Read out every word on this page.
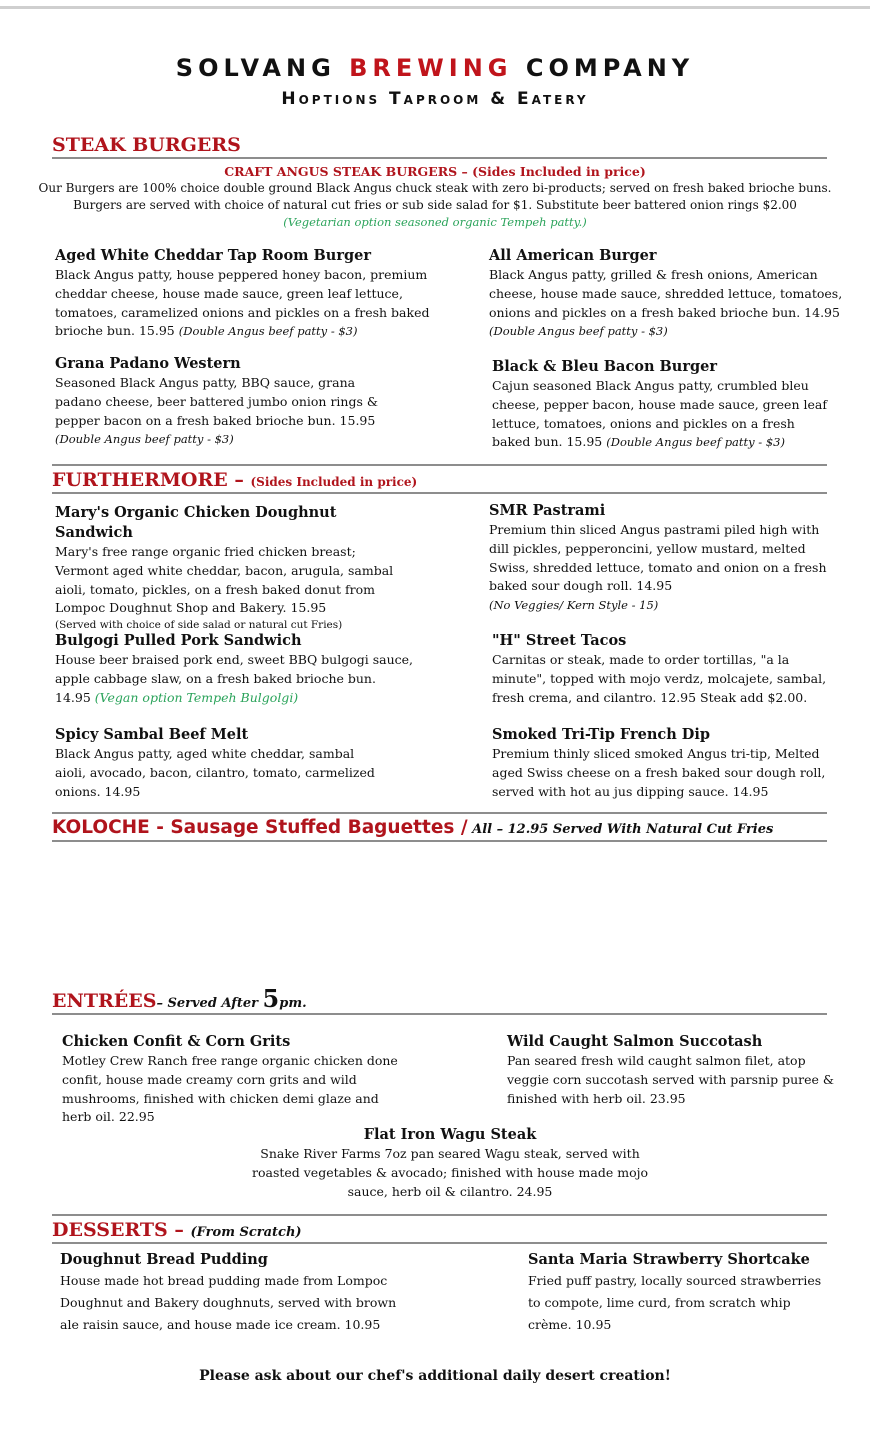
SOLVANG BREWING COMPANY
Hoptions Taproom & Eatery
STEAK BURGERS
CRAFT ANGUS STEAK BURGERS – (Sides Included in price)
Our Burgers are 100% choice double ground Black Angus chuck steak with zero bi-products; served on fresh baked brioche buns.
Burgers are served with choice of natural cut fries or sub side salad for $1. Substitute beer battered onion rings $2.00
(Vegetarian option seasoned organic Tempeh patty.)
Aged White Cheddar Tap Room Burger
Black Angus patty, house peppered honey bacon, premium cheddar cheese, house made sauce, green leaf lettuce, tomatoes, caramelized onions and pickles on a fresh baked brioche bun. 15.95 (Double Angus beef patty - $3)
All American Burger
Black Angus patty, grilled & fresh onions, American cheese, house made sauce, shredded lettuce, tomatoes, onions and pickles on a fresh baked brioche bun. 14.95 (Double Angus beef patty - $3)
Grana Padano Western
Seasoned Black Angus patty, BBQ sauce, grana padano cheese, beer battered jumbo onion rings & pepper bacon on a fresh baked brioche bun. 15.95 (Double Angus beef patty - $3)
Black & Bleu Bacon Burger
Cajun seasoned Black Angus patty, crumbled bleu cheese, pepper bacon, house made sauce, green leaf lettuce, tomatoes, onions and pickles on a fresh baked bun. 15.95 (Double Angus beef patty - $3)
FURTHERMORE – (Sides Included in price)
Mary's Organic Chicken Doughnut Sandwich
Mary's free range organic fried chicken breast; Vermont aged white cheddar, bacon, arugula, sambal aioli, tomato, pickles, on a fresh baked donut from Lompoc Doughnut Shop and Bakery. 15.95
(Served with choice of side salad or natural cut Fries)
SMR Pastrami
Premium thin sliced Angus pastrami piled high with dill pickles, pepperoncini, yellow mustard, melted Swiss, shredded lettuce, tomato and onion on a fresh baked sour dough roll. 14.95
(No Veggies/ Kern Style - 15)
Bulgogi Pulled Pork Sandwich
House beer braised pork end, sweet BBQ bulgogi sauce, apple cabbage slaw, on a fresh baked brioche bun. 14.95 (Vegan option Tempeh Bulgolgi)
"H" Street Tacos
Carnitas or steak, made to order tortillas, "a la minute", topped with mojo verdz, molcajete, sambal, fresh crema, and cilantro. 12.95 Steak add $2.00.
Spicy Sambal Beef Melt
Black Angus patty, aged white cheddar, sambal aioli, avocado, bacon, cilantro, tomato, carmelized onions. 14.95
Smoked Tri-Tip French Dip
Premium thinly sliced smoked Angus tri-tip, Melted aged Swiss cheese on a fresh baked sour dough roll, served with hot au jus dipping sauce. 14.95
KOLOCHE - Sausage Stuffed Baguettes / All – 12.95 Served With Natural Cut Fries
ENTRÉES– Served After 5pm.
Chicken Confit & Corn Grits
Motley Crew Ranch free range organic chicken done confit, house made creamy corn grits and wild mushrooms, finished with chicken demi glaze and herb oil. 22.95
Wild Caught Salmon Succotash
Pan seared fresh wild caught salmon filet, atop veggie corn succotash served with parsnip puree & finished with herb oil. 23.95
Flat Iron Wagu Steak
Snake River Farms 7oz pan seared Wagu steak, served with roasted vegetables & avocado; finished with house made mojo sauce, herb oil & cilantro. 24.95
DESSERTS – (From Scratch)
Doughnut Bread Pudding
House made hot bread pudding made from Lompoc Doughnut and Bakery doughnuts, served with brown ale raisin sauce, and house made ice cream. 10.95
Santa Maria Strawberry Shortcake
Fried puff pastry, locally sourced strawberries to compote, lime curd, from scratch whip crème. 10.95
Please ask about our chef's additional daily desert creation!
